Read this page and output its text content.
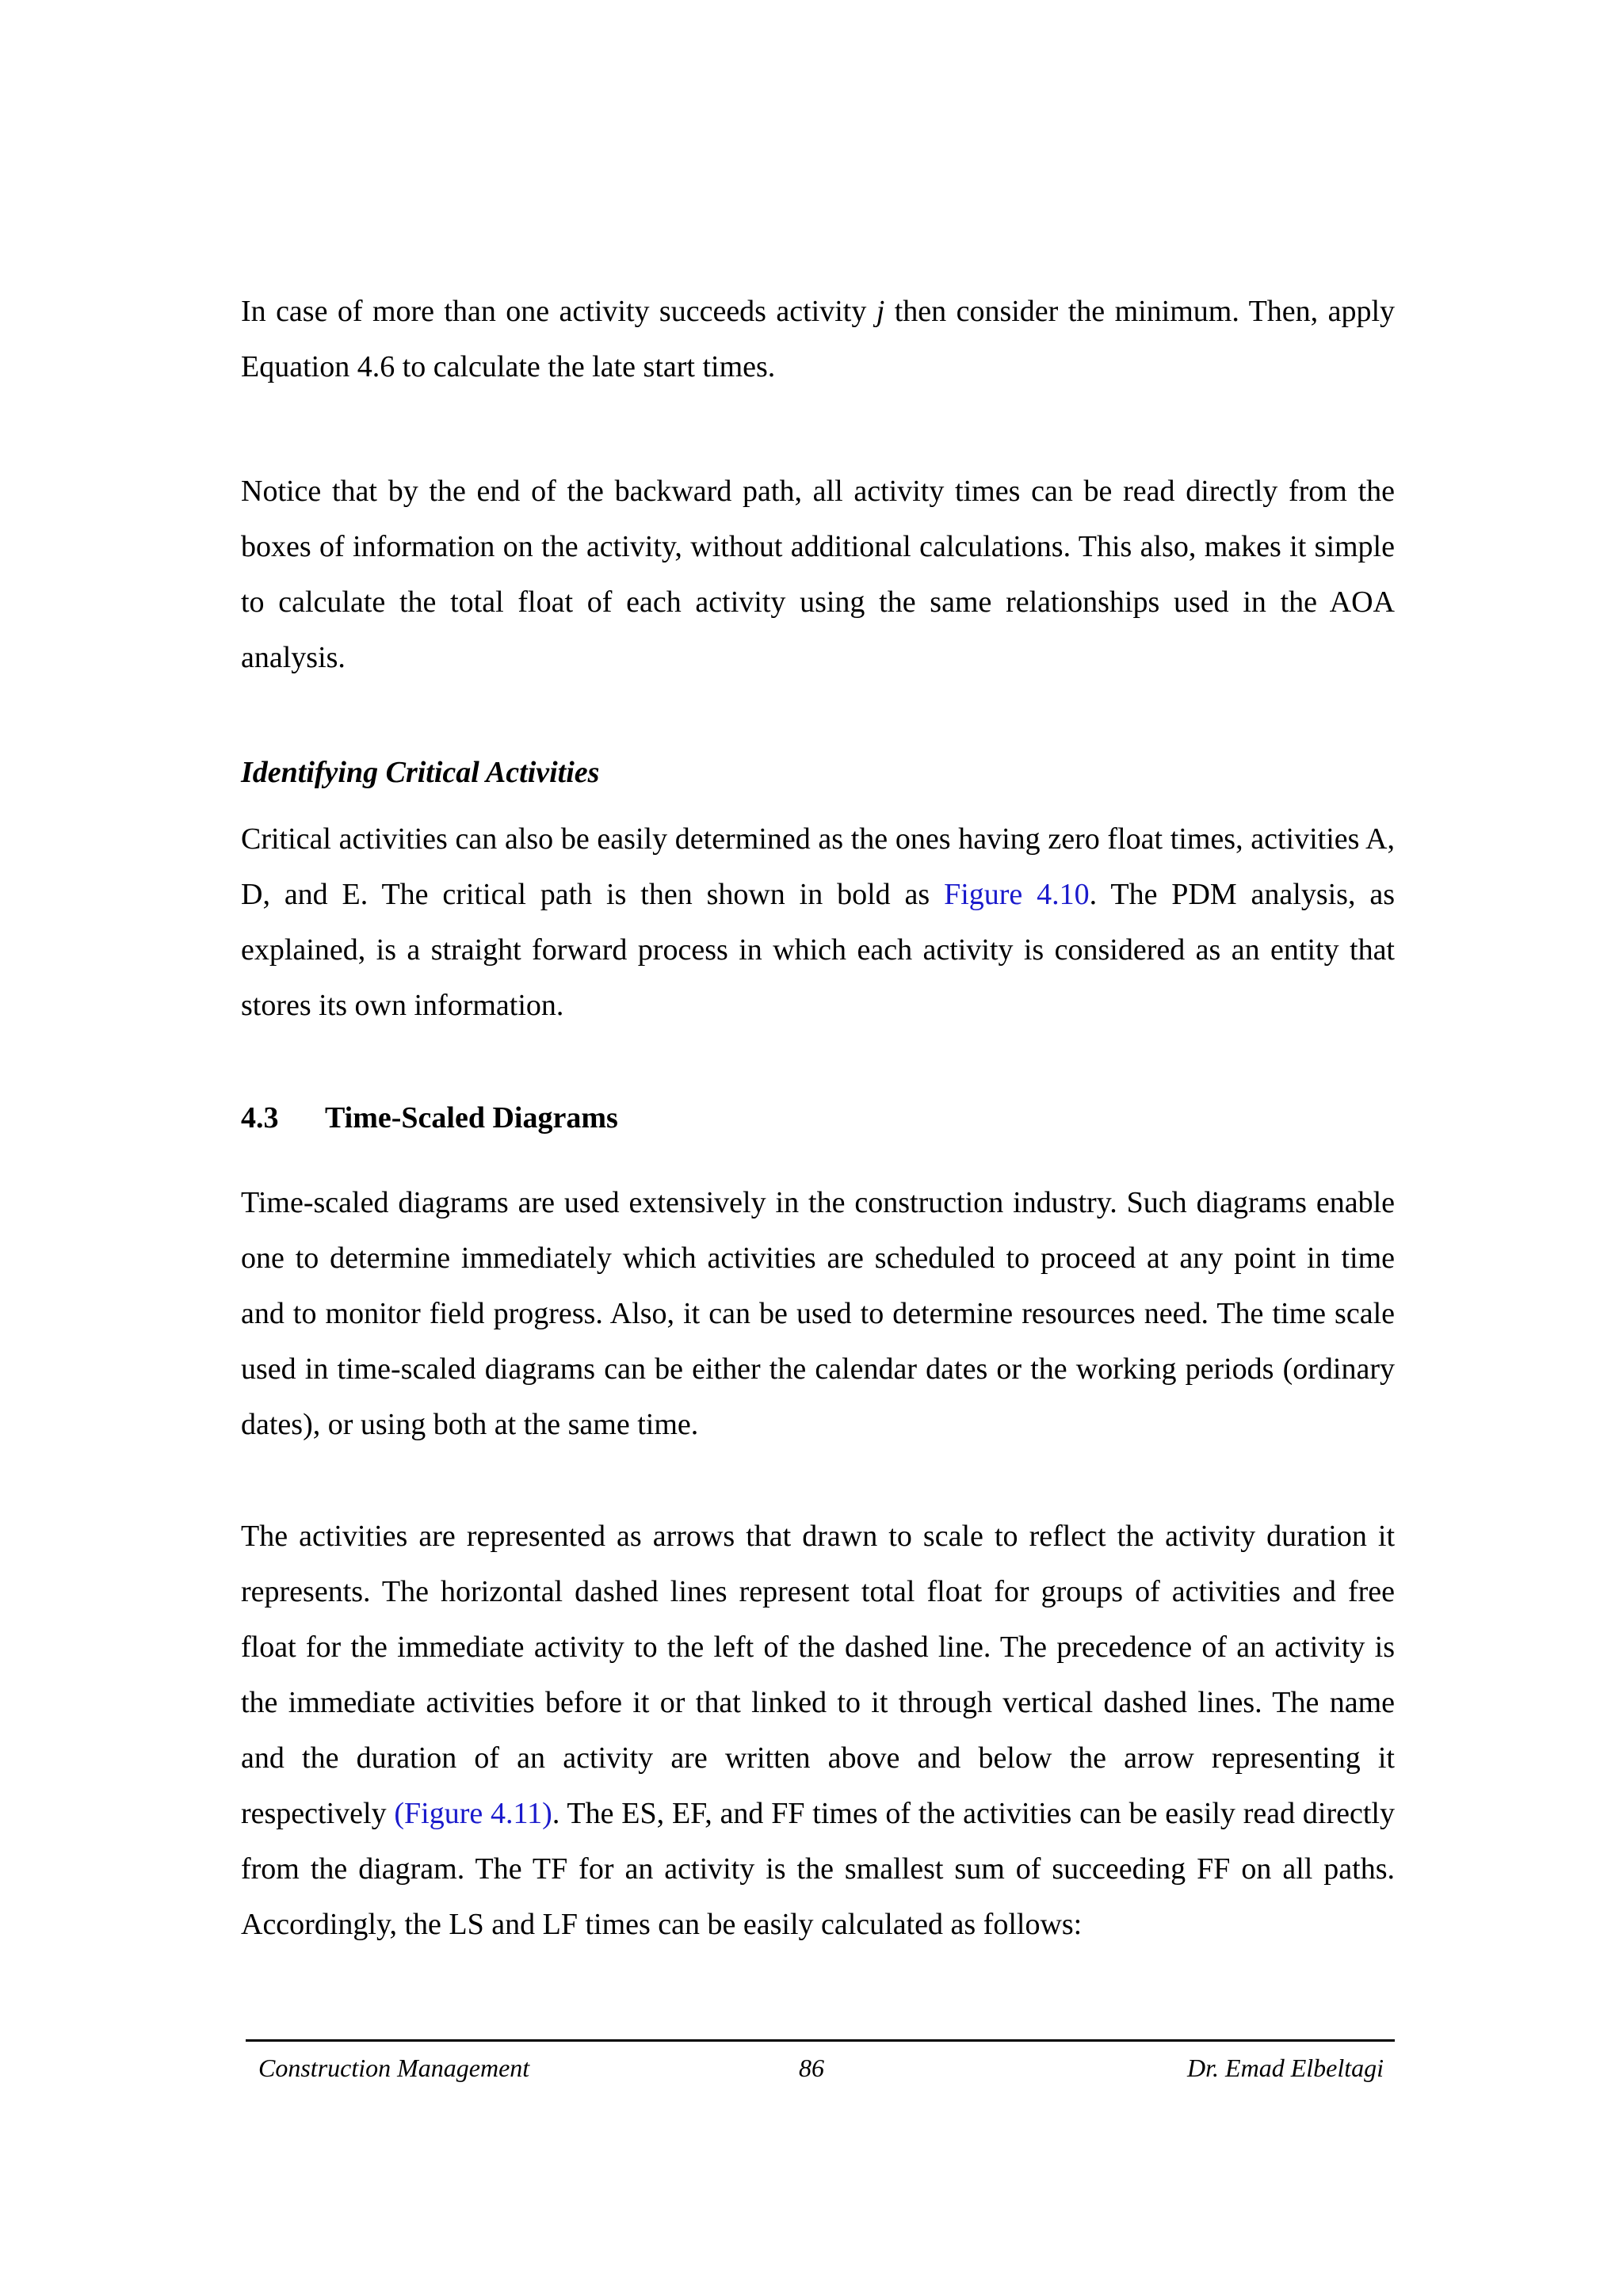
In case of more than one activity succeeds activity j then consider the minimum. Then, apply Equation 4.6 to calculate the late start times.

Notice that by the end of the backward path, all activity times can be read directly from the boxes of information on the activity, without additional calculations. This also, makes it simple to calculate the total float of each activity using the same relationships used in the AOA analysis.

Identifying Critical Activities

Critical activities can also be easily determined as the ones having zero float times, activities A, D, and E. The critical path is then shown in bold as Figure 4.10. The PDM analysis, as explained, is a straight forward process in which each activity is considered as an entity that stores its own information.

4.3 Time-Scaled Diagrams

Time-scaled diagrams are used extensively in the construction industry. Such diagrams enable one to determine immediately which activities are scheduled to proceed at any point in time and to monitor field progress. Also, it can be used to determine resources need. The time scale used in time-scaled diagrams can be either the calendar dates or the working periods (ordinary dates), or using both at the same time.

The activities are represented as arrows that drawn to scale to reflect the activity duration it represents. The horizontal dashed lines represent total float for groups of activities and free float for the immediate activity to the left of the dashed line. The precedence of an activity is the immediate activities before it or that linked to it through vertical dashed lines. The name and the duration of an activity are written above and below the arrow representing it respectively (Figure 4.11). The ES, EF, and FF times of the activities can be easily read directly from the diagram. The TF for an activity is the smallest sum of succeeding FF on all paths. Accordingly, the LS and LF times can be easily calculated as follows:

Construction Management	86	Dr. Emad Elbeltagi
